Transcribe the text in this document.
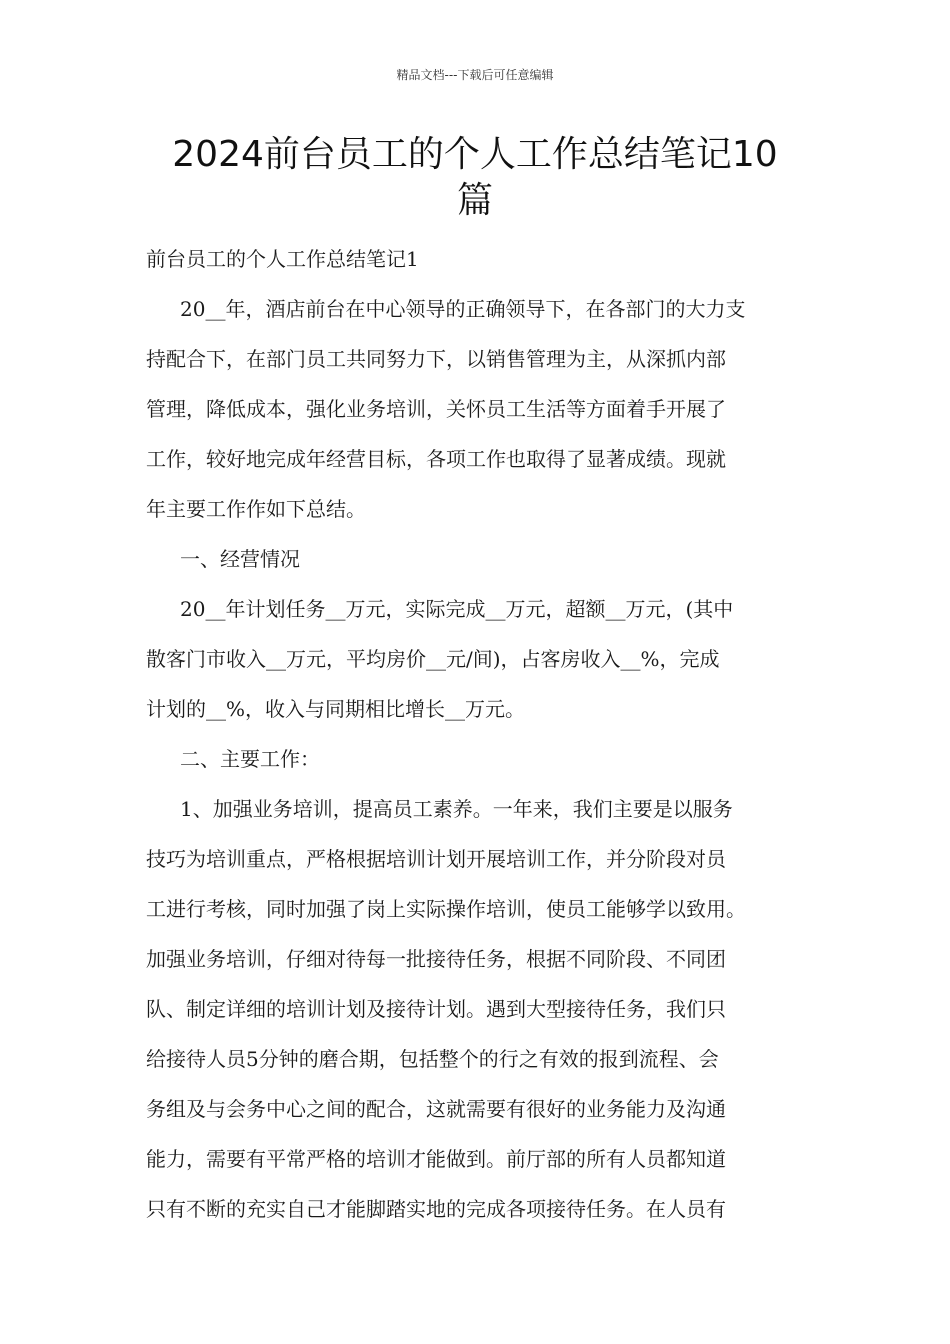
精品文档---下载后可任意编辑
2024前台员工的个人工作总结笔记10
篇

前台员工的个人工作总结笔记1

20__年，酒店前台在中心领导的正确领导下，在各部门的大力支
持配合下，在部门员工共同努力下，以销售管理为主，从深抓内部
管理，降低成本，强化业务培训，关怀员工生活等方面着手开展了
工作，较好地完成年经营目标，各项工作也取得了显著成绩。现就
年主要工作作如下总结。

一、经营情况

20__年计划任务__万元，实际完成__万元，超额__万元，(其中
散客门市收入__万元，平均房价__元/间)，占客房收入__%，完成
计划的__%，收入与同期相比增长__万元。

二、主要工作：

1、加强业务培训，提高员工素养。一年来，我们主要是以服务
技巧为培训重点，严格根据培训计划开展培训工作，并分阶段对员
工进行考核，同时加强了岗上实际操作培训，使员工能够学以致用。
加强业务培训，仔细对待每一批接待任务，根据不同阶段、不同团
队、制定详细的培训计划及接待计划。遇到大型接待任务，我们只
给接待人员5分钟的磨合期，包括整个的行之有效的报到流程、会
务组及与会务中心之间的配合，这就需要有很好的业务能力及沟通
能力，需要有平常严格的培训才能做到。前厅部的所有人员都知道
只有不断的充实自己才能脚踏实地的完成各项接待任务。在人员有
